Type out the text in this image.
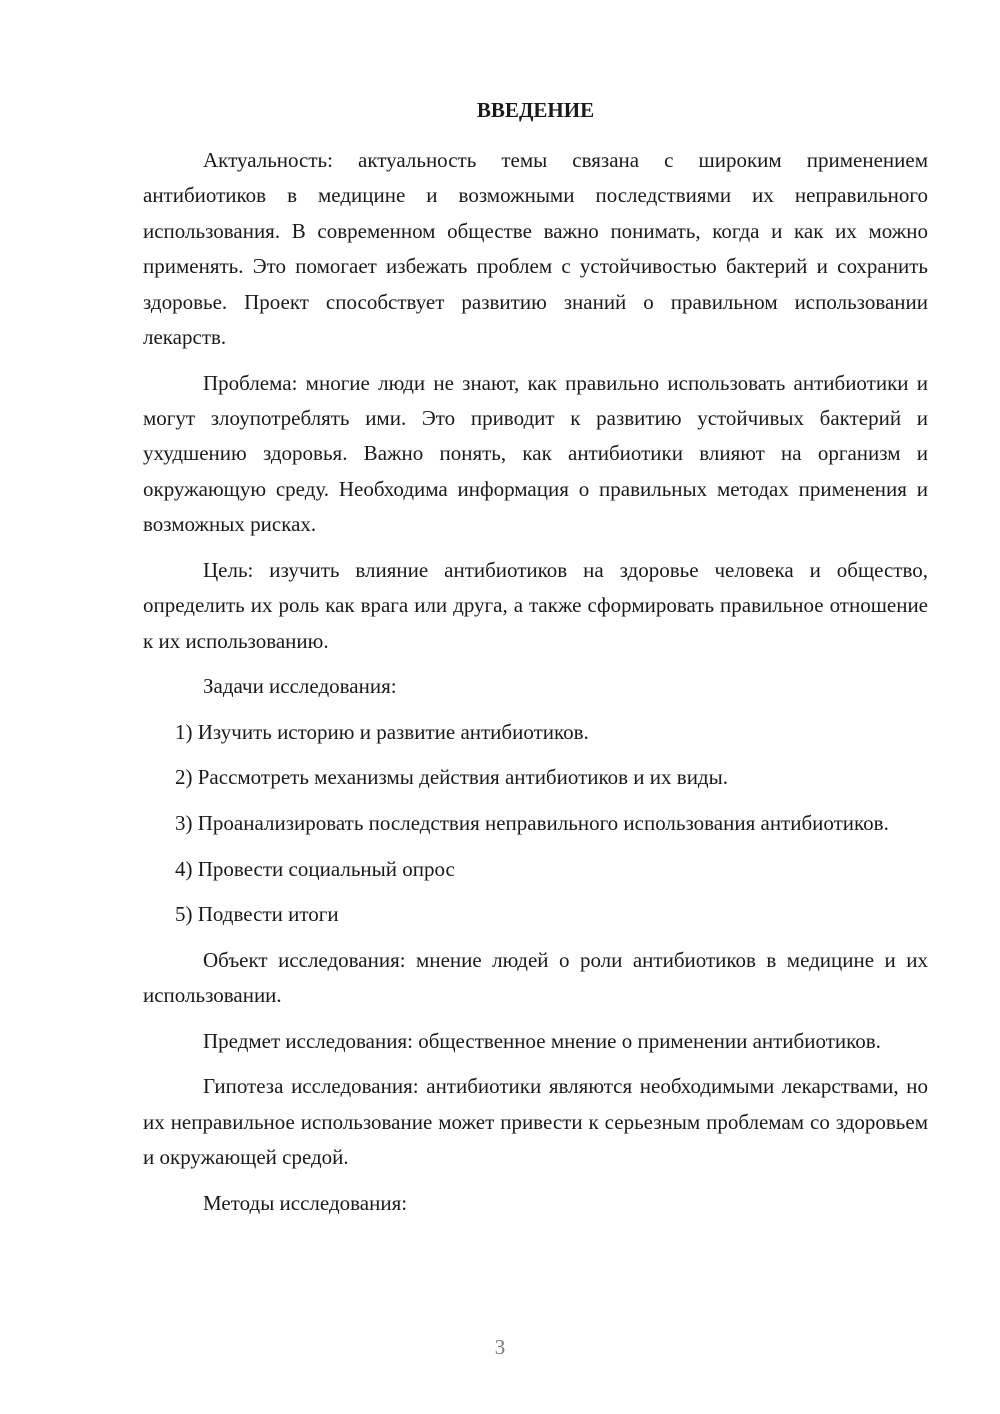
ВВЕДЕНИЕ

Актуальность: актуальность темы связана с широким применением антибиотиков в медицине и возможными последствиями их неправильного использования. В современном обществе важно понимать, когда и как их можно применять. Это помогает избежать проблем с устойчивостью бактерий и сохранить здоровье. Проект способствует развитию знаний о правильном использовании лекарств.

Проблема: многие люди не знают, как правильно использовать антибиотики и могут злоупотреблять ими. Это приводит к развитию устойчивых бактерий и ухудшению здоровья. Важно понять, как антибиотики влияют на организм и окружающую среду. Необходима информация о правильных методах применения и возможных рисках.

Цель: изучить влияние антибиотиков на здоровье человека и общество, определить их роль как врага или друга, а также сформировать правильное отношение к их использованию.

Задачи исследования:

1) Изучить историю и развитие антибиотиков.

2) Рассмотреть механизмы действия антибиотиков и их виды.

3) Проанализировать последствия неправильного использования антибиотиков.

4) Провести социальный опрос

5) Подвести итоги

Объект исследования: мнение людей о роли антибиотиков в медицине и их использовании.

Предмет исследования: общественное мнение о применении антибиотиков.

Гипотеза исследования: антибиотики являются необходимыми лекарствами, но их неправильное использование может привести к серьезным проблемам со здоровьем и окружающей средой.

Методы исследования:

3
